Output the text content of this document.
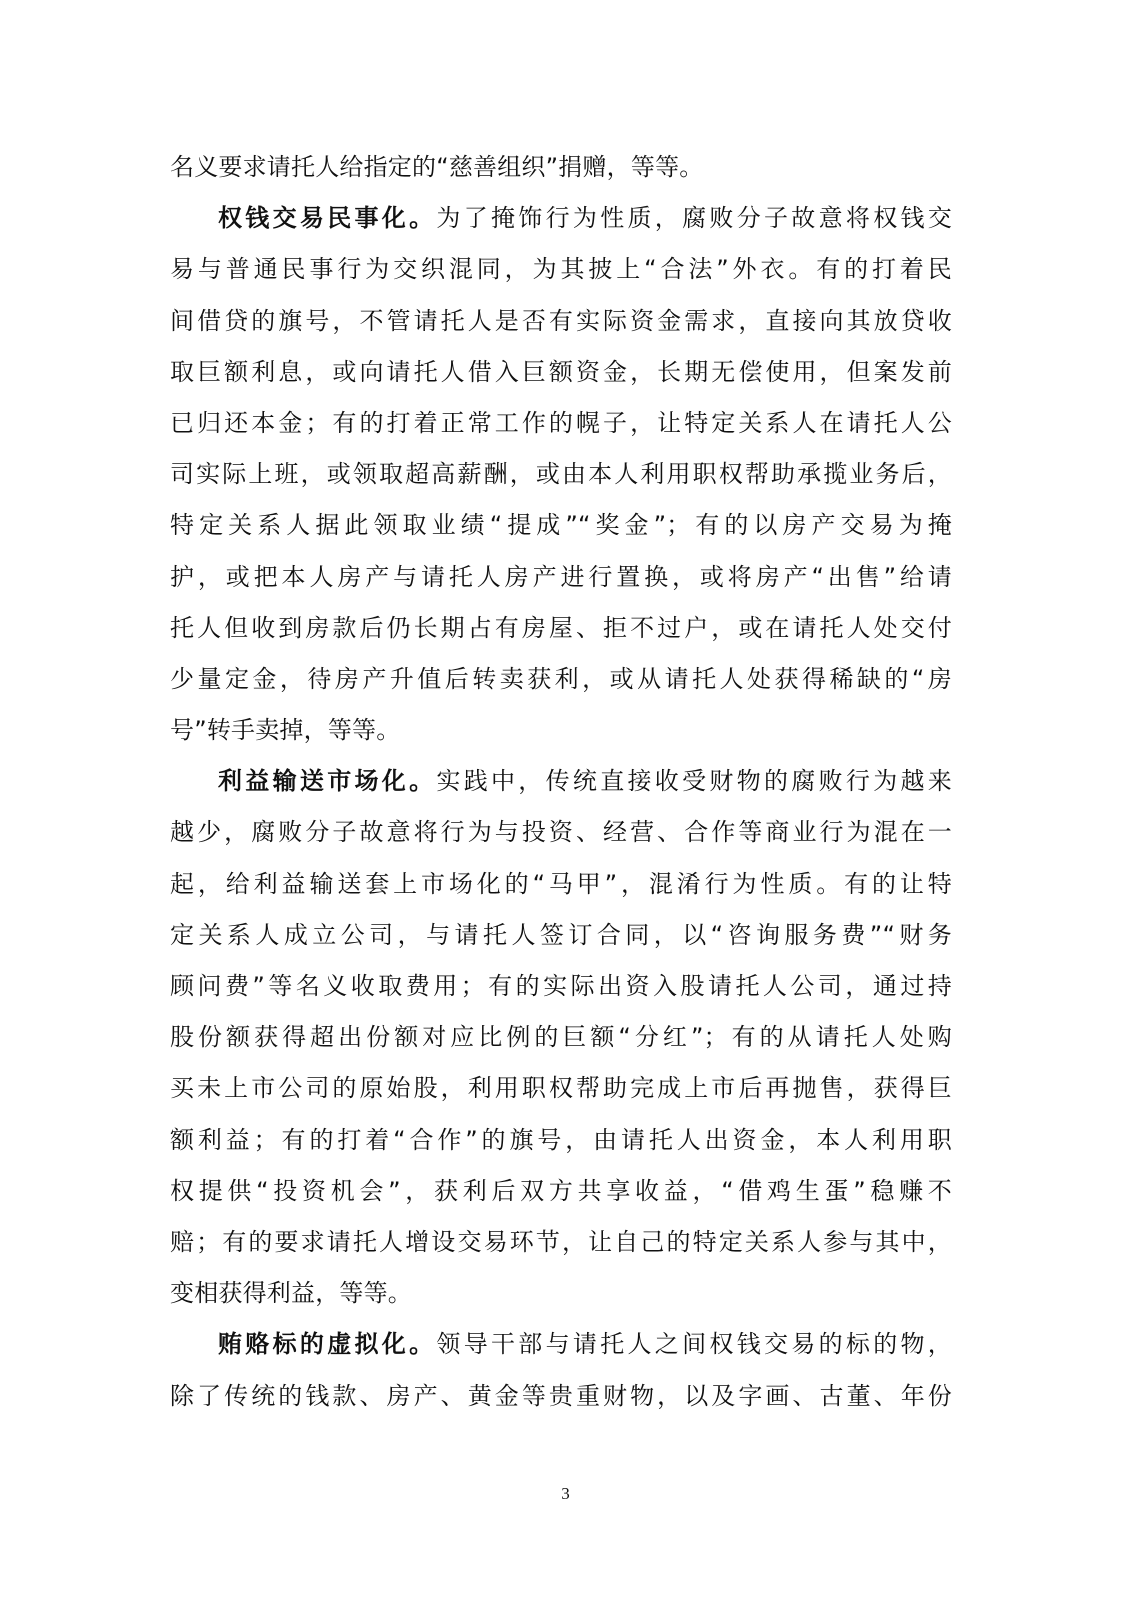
名义要求请托人给指定的“慈善组织”捐赠，等等。
权钱交易民事化。为了掩饰行为性质，腐败分子故意将权钱交
易与普通民事行为交织混同，为其披上“合法”外衣。有的打着民
间借贷的旗号，不管请托人是否有实际资金需求，直接向其放贷收
取巨额利息，或向请托人借入巨额资金，长期无偿使用，但案发前
已归还本金；有的打着正常工作的幌子，让特定关系人在请托人公
司实际上班，或领取超高薪酬，或由本人利用职权帮助承揽业务后，
特定关系人据此领取业绩“提成”“奖金”；有的以房产交易为掩
护，或把本人房产与请托人房产进行置换，或将房产“出售”给请
托人但收到房款后仍长期占有房屋、拒不过户，或在请托人处交付
少量定金，待房产升值后转卖获利，或从请托人处获得稀缺的“房
号”转手卖掉，等等。
利益输送市场化。实践中，传统直接收受财物的腐败行为越来
越少，腐败分子故意将行为与投资、经营、合作等商业行为混在一
起，给利益输送套上市场化的“马甲”，混淆行为性质。有的让特
定关系人成立公司，与请托人签订合同，以“咨询服务费”“财务
顾问费”等名义收取费用；有的实际出资入股请托人公司，通过持
股份额获得超出份额对应比例的巨额“分红”；有的从请托人处购
买未上市公司的原始股，利用职权帮助完成上市后再抛售，获得巨
额利益；有的打着“合作”的旗号，由请托人出资金，本人利用职
权提供“投资机会”，获利后双方共享收益，“借鸡生蛋”稳赚不
赔；有的要求请托人增设交易环节，让自己的特定关系人参与其中，
变相获得利益，等等。
贿赂标的虚拟化。领导干部与请托人之间权钱交易的标的物，
除了传统的钱款、房产、黄金等贵重财物，以及字画、古董、年份
3
